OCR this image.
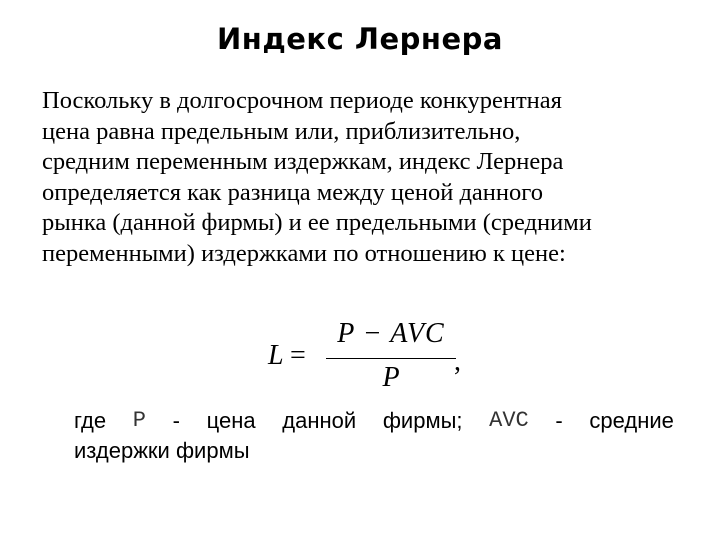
Индекс Лернера
Поскольку в долгосрочном периоде конкурентная
цена равна предельным или, приблизительно,
средним переменным издержкам, индекс Лернера
определяется как разница между ценой данного
рынка (данной фирмы) и ее предельными (средними
переменными) издержками по отношению к цене:
L =
P − AVC
P
,
где P - цена данной фирмы; AVC - средние
издержки фирмы
